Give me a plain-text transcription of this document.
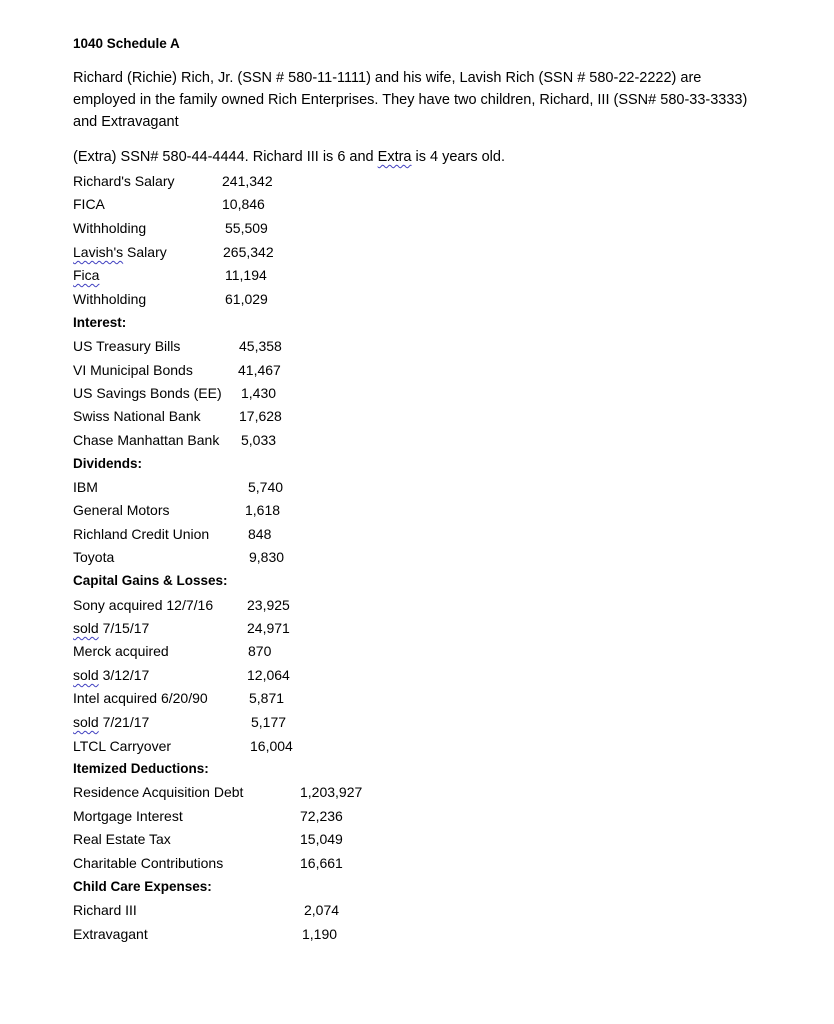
1040 Schedule A
Richard (Richie) Rich, Jr. (SSN # 580-11-1111) and his wife, Lavish Rich (SSN # 580-22-2222) are
employed in the family owned Rich Enterprises. They have two children, Richard, III (SSN# 580-33-3333)
and Extravagant
(Extra) SSN# 580-44-4444. Richard III is 6 and Extra is 4 years old.
Richard's Salary	241,342
FICA	10,846
Withholding	55,509
Lavish's Salary	265,342
Fica	11,194
Withholding	61,029
Interest:
US Treasury Bills	45,358
VI Municipal Bonds	41,467
US Savings Bonds (EE) 1,430
Swiss National Bank	17,628
Chase Manhattan Bank 5,033
Dividends:
IBM	5,740
General Motors	1,618
Richland Credit Union	848
Toyota	9,830
Capital Gains & Losses:
Sony acquired 12/7/16 23,925
sold 7/15/17	24,971
Merck acquired	870
sold 3/12/17	12,064
Intel acquired 6/20/90	5,871
sold 7/21/17	5,177
LTCL Carryover	16,004
Itemized Deductions:
Residence Acquisition Debt	1,203,927
Mortgage Interest	72,236
Real Estate Tax	15,049
Charitable Contributions	16,661
Child Care Expenses:
Richard III	2,074
Extravagant	1,190
